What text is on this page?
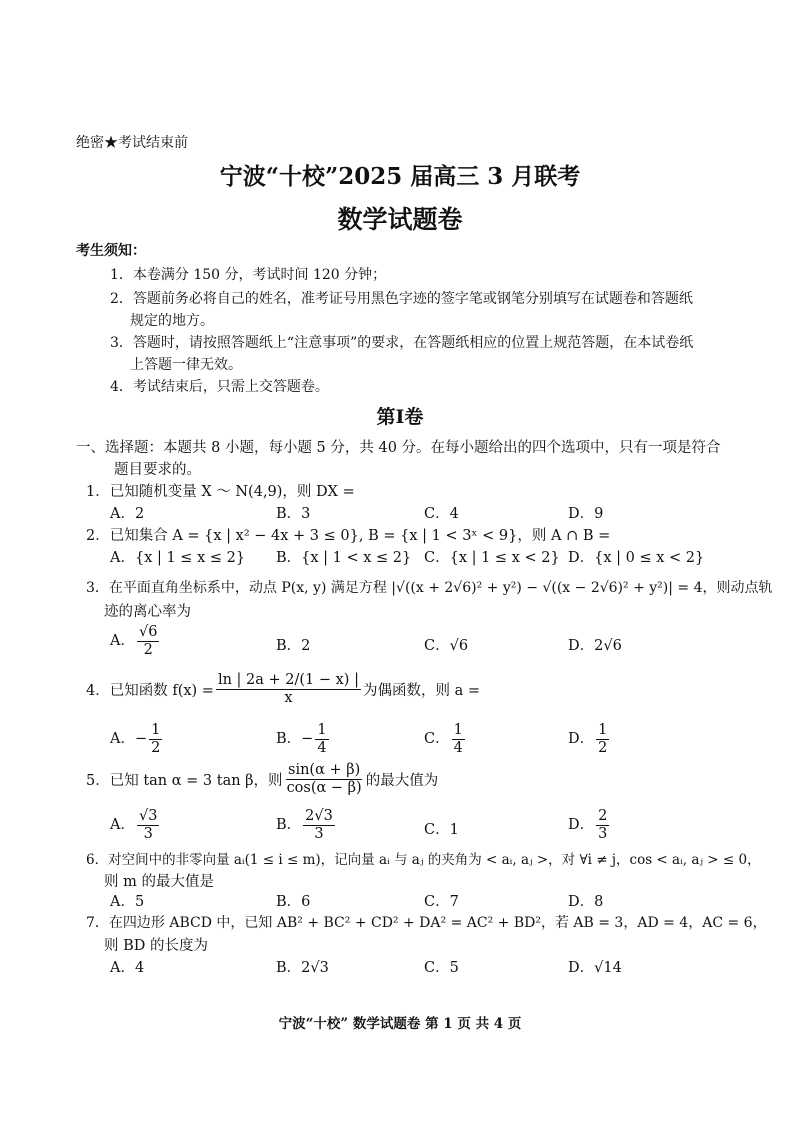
绝密★考试结束前
宁波“十校”2025 届高三 3 月联考
数学试题卷
考生须知：
1．本卷满分 150 分，考试时间 120 分钟；
2．答题前务必将自己的姓名，准考证号用黑色字迹的签字笔或钢笔分别填写在试题卷和答题纸
规定的地方。
3．答题时，请按照答题纸上“注意事项”的要求，在答题纸相应的位置上规范答题，在本试卷纸
上答题一律无效。
4．考试结束后，只需上交答题卷。
第Ⅰ卷
一、选择题：本题共 8 小题，每小题 5 分，共 40 分。在每小题给出的四个选项中，只有一项是符合
题目要求的。
1．已知随机变量 X ～ N(4,9)，则 DX =
A．2	B．3	C．4	D．9
2．已知集合 A = {x | x² − 4x + 3 ≤ 0}, B = {x | 1 < 3ˣ < 9}，则 A ∩ B =
A．{x | 1 ≤ x ≤ 2} B．{x | 1 < x ≤ 2} C．{x | 1 ≤ x < 2} D．{x | 0 ≤ x < 2}
3．在平面直角坐标系中，动点 P(x, y) 满足方程 |√((x + 2√6)² + y²) − √((x − 2√6)² + y²)| = 4，则动点轨
迹的离心率为
A． $\frac{√6}{2}$	B．2	C．√6	D．2√6
4．已知函数 $f(x) = \frac{\ln | 2a + 2/(1 - x) |}{x}$ 为偶函数，则 a =
A．− $\frac{1}{2}$	B．− $\frac{1}{4}$	C． $\frac{1}{4}$	D． $\frac{1}{2}$
5．已知 tan α = 3 tan β，则 $\frac{\sin(\alpha + \beta)}{\cos(\alpha - \beta)}$ 的最大值为
A． $\frac{√3}{3}$	B． $\frac{2√3}{3}$	C．1	D． $\frac{2}{3}$
6．对空间中的非零向量 aᵢ(1 ≤ i ≤ m)，记向量 aᵢ 与 aⱼ 的夹角为 < aᵢ, aⱼ >，对 ∀i ≠ j，cos < aᵢ, aⱼ > ≤ 0，
则 m 的最大值是
A．5	B．6	C．7	D．8
7．在四边形 ABCD 中，已知 AB² + BC² + CD² + DA² = AC² + BD²，若 AB = 3，AD = 4，AC = 6，
则 BD 的长度为
A．4	B．2√3	C．5	D．√14
宁波“十校” 数学试题卷 第 1 页 共 4 页
